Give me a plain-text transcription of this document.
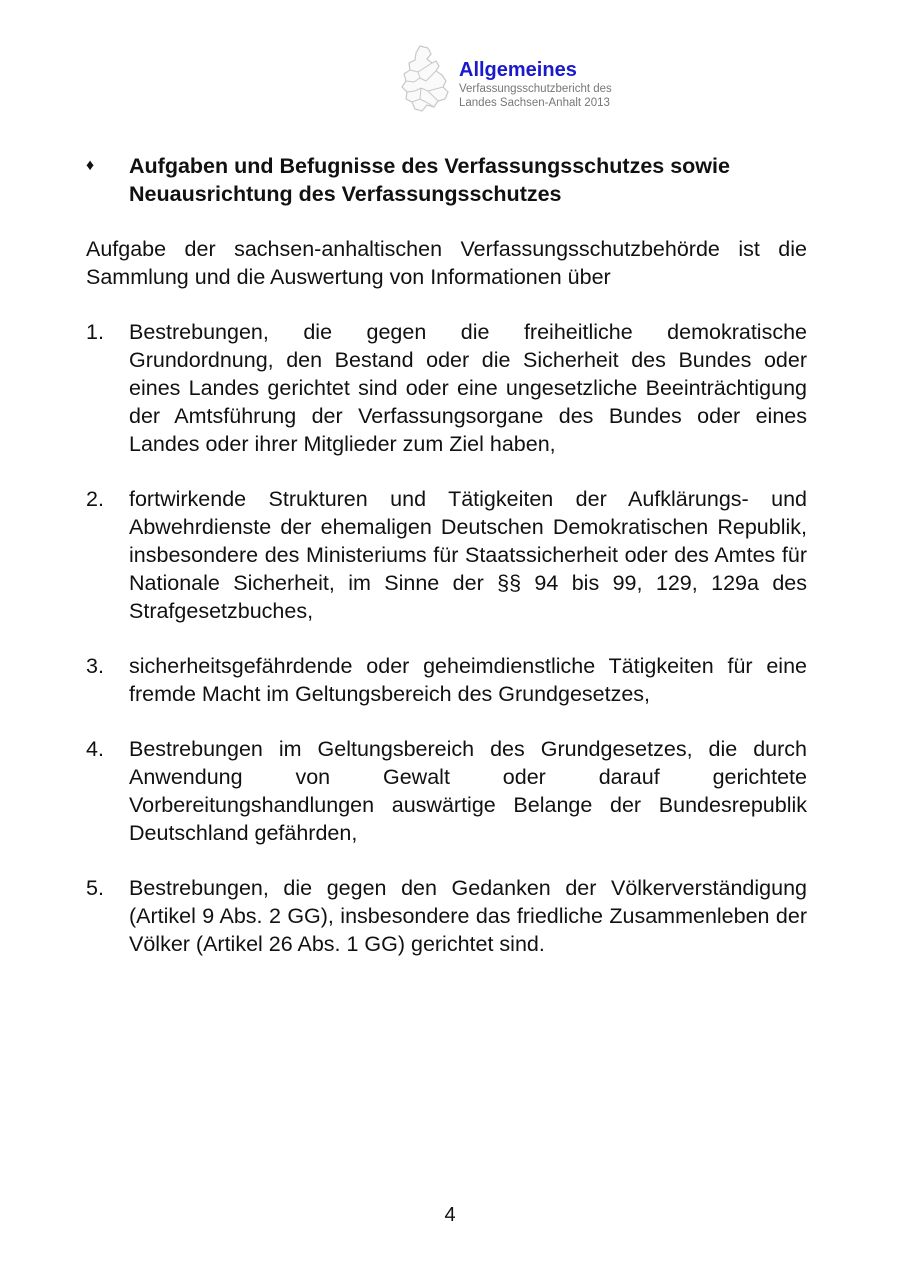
Allgemeines
Verfassungsschutzbericht des
Landes Sachsen-Anhalt 2013
♦	Aufgaben und Befugnisse des Verfassungsschutzes sowie Neuausrichtung des Verfassungsschutzes
Aufgabe der sachsen-anhaltischen Verfassungsschutzbehörde ist die Sammlung und die Auswertung von Informationen über
1.	Bestrebungen, die gegen die freiheitliche demokratische Grundordnung, den Bestand oder die Sicherheit des Bundes oder eines Landes gerichtet sind oder eine ungesetzliche Beeinträchtigung der Amtsführung der Verfassungsorgane des Bundes oder eines Landes oder ihrer Mitglieder zum Ziel haben,
2.	fortwirkende Strukturen und Tätigkeiten der Aufklärungs- und Abwehrdienste der ehemaligen Deutschen Demokratischen Republik, insbesondere des Ministeriums für Staatssicherheit oder des Amtes für Nationale Sicherheit, im Sinne der §§ 94 bis 99, 129, 129a des Strafgesetzbuches,
3.	sicherheitsgefährdende oder geheimdienstliche Tätigkeiten für eine fremde Macht im Geltungsbereich des Grundgesetzes,
4.	Bestrebungen im Geltungsbereich des Grundgesetzes, die durch Anwendung von Gewalt oder darauf gerichtete Vorbereitungshandlungen auswärtige Belange der Bundesrepublik Deutschland gefährden,
5.	Bestrebungen, die gegen den Gedanken der Völkerverständigung (Artikel 9 Abs. 2 GG), insbesondere das friedliche Zusammenleben der Völker (Artikel 26 Abs. 1 GG) gerichtet sind.
4
